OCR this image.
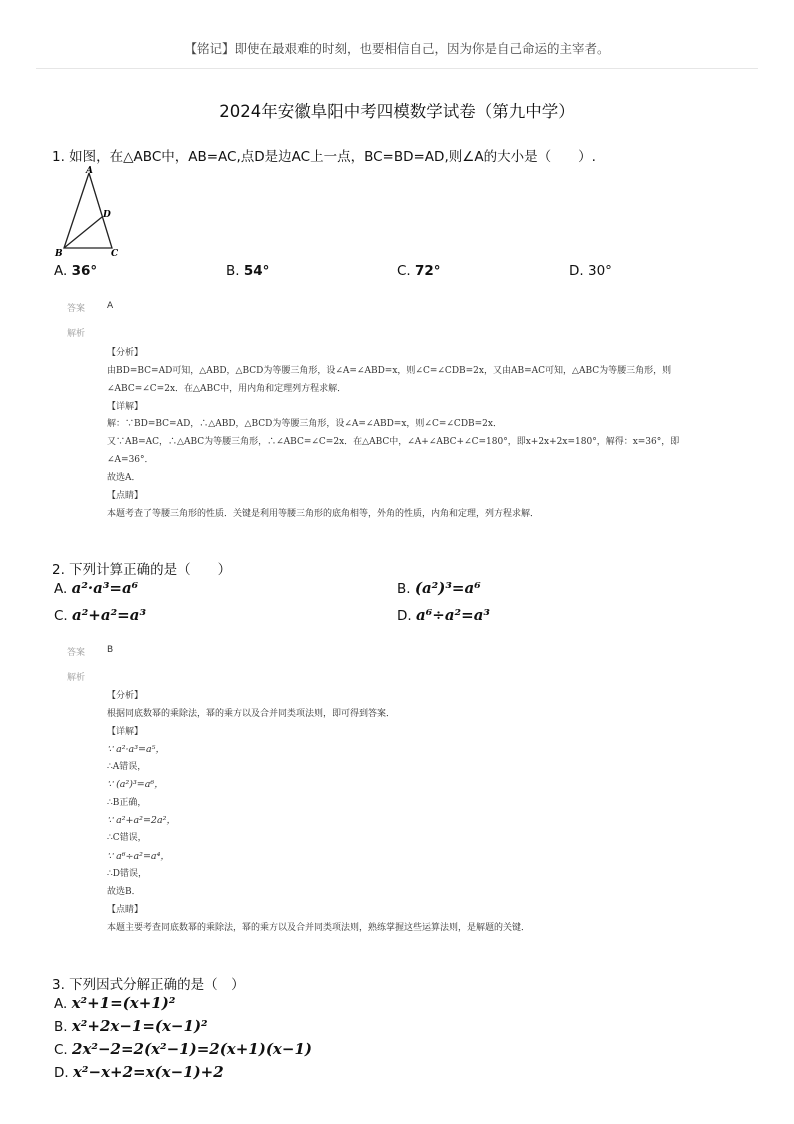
【铭记】即使在最艰难的时刻，也要相信自己，因为你是自己命运的主宰者。
2024年安徽阜阳中考四模数学试卷（第九中学）
1. 如图，在△ABC中，AB=AC,点D是边AC上一点，BC=BD=AD,则∠A的大小是（　　）.
A
B	C
D
A. 36°	B. 54°	C. 72°	D. 30°
答案 A
解析
【分析】
由BD=BC=AD可知，△ABD，△BCD为等腰三角形，设∠A=∠ABD=x，则∠C=∠CDB=2x，又由AB=AC可知，△ABC为等腰三角形，则
∠ABC=∠C=2x．在△ABC中，用内角和定理列方程求解．
【详解】
解：∵BD=BC=AD，∴△ABD，△BCD为等腰三角形，设∠A=∠ABD=x，则∠C=∠CDB=2x．
又∵AB=AC，∴△ABC为等腰三角形，∴∠ABC=∠C=2x．在△ABC中，∠A+∠ABC+∠C=180°，即x+2x+2x=180°，解得：x=36°，即
∠A=36°．
故选A．
【点睛】
本题考查了等腰三角形的性质．关键是利用等腰三角形的底角相等，外角的性质，内角和定理，列方程求解．
2. 下列计算正确的是（　　）
A. a²·a³=a⁶	B. (a²)³=a⁶
C. a²+a²=a³	D. a⁶÷a²=a³
答案 B
解析
【分析】
根据同底数幂的乘除法，幂的乘方以及合并同类项法则，即可得到答案．
【详解】
∵ a²·a³=a⁵，
∴A错误，
∵ (a²)³=a⁶，
∴B正确，
∵ a²+a²=2a²，
∴C错误，
∵ a⁶÷a²=a⁴，
∴D错误，
故选B．
【点睛】
本题主要考查同底数幂的乘除法，幂的乘方以及合并同类项法则，熟练掌握这些运算法则，是解题的关键．
3. 下列因式分解正确的是（　）
A. x²+1=(x+1)²
B. x²+2x−1=(x−1)²
C. 2x²−2=2(x²−1)=2(x+1)(x−1)
D. x²−x+2=x(x−1)+2
